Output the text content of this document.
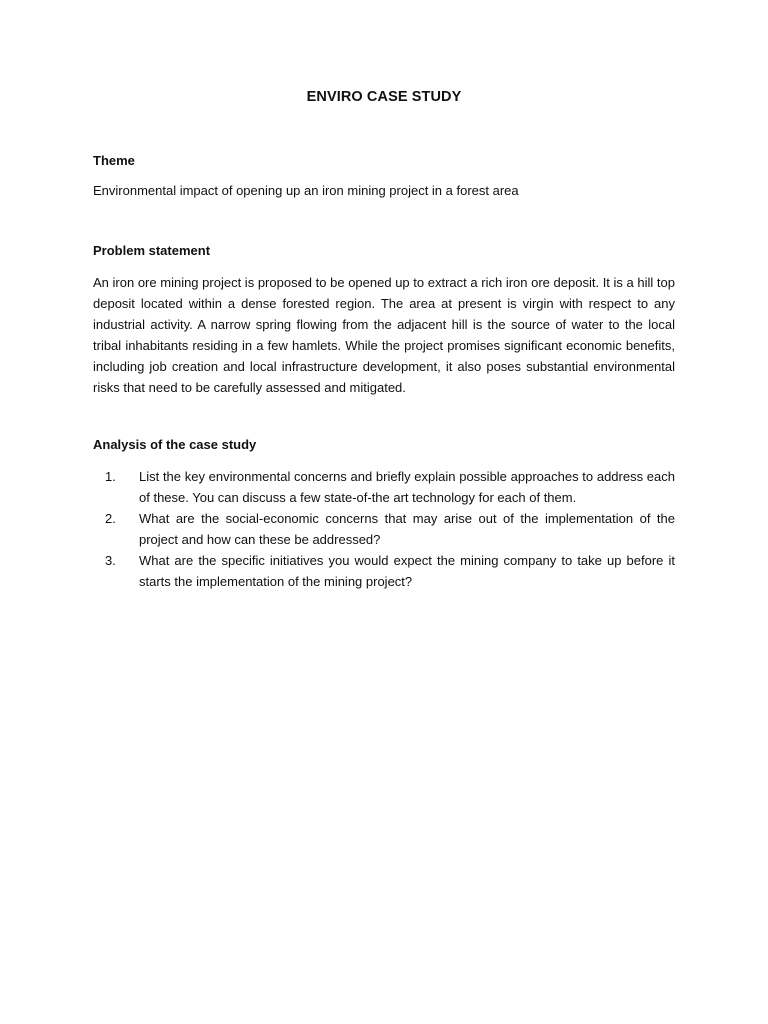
ENVIRO CASE STUDY
Theme

Environmental impact of opening up an iron mining project in a forest area

Problem statement

An iron ore mining project is proposed to be opened up to extract a rich iron ore deposit. It is a hill top deposit located within a dense forested region. The area at present is virgin with respect to any industrial activity. A narrow spring flowing from the adjacent hill is the source of water to the local tribal inhabitants residing in a few hamlets. While the project promises significant economic benefits, including job creation and local infrastructure development, it also poses substantial environmental risks that need to be carefully assessed and mitigated.

Analysis of the case study
1.	List the key environmental concerns and briefly explain possible approaches to address each of these. You can discuss a few state-of-the art technology for each of them.
2.	What are the social-economic concerns that may arise out of the implementation of the project and how can these be addressed?
3.	What are the specific initiatives you would expect the mining company to take up before it starts the implementation of the mining project?
